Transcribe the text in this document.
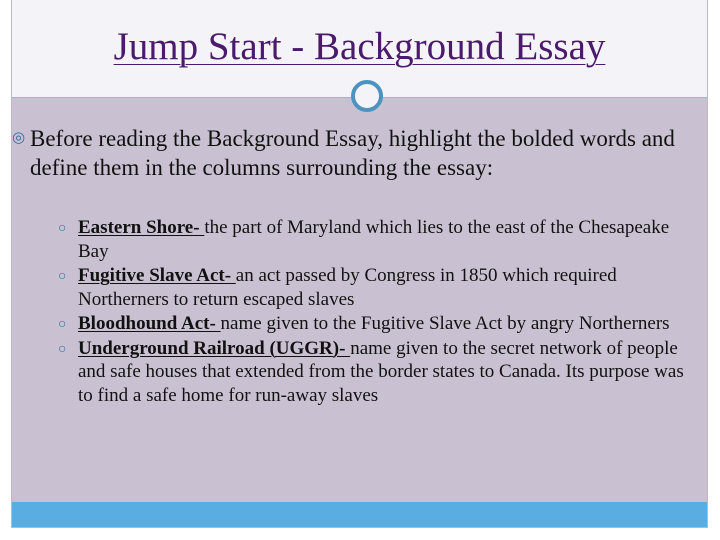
Jump Start - Background Essay
◎ Before reading the Background Essay, highlight the bolded words and define them in the columns surrounding the essay:
○ Eastern Shore- the part of Maryland which lies to the east of the Chesapeake Bay
○ Fugitive Slave Act- an act passed by Congress in 1850 which required Northerners to return escaped slaves
○ Bloodhound Act- name given to the Fugitive Slave Act by angry Northerners
○ Underground Railroad (UGGR)- name given to the secret network of people and safe houses that extended from the border states to Canada. Its purpose was to find a safe home for run-away slaves
